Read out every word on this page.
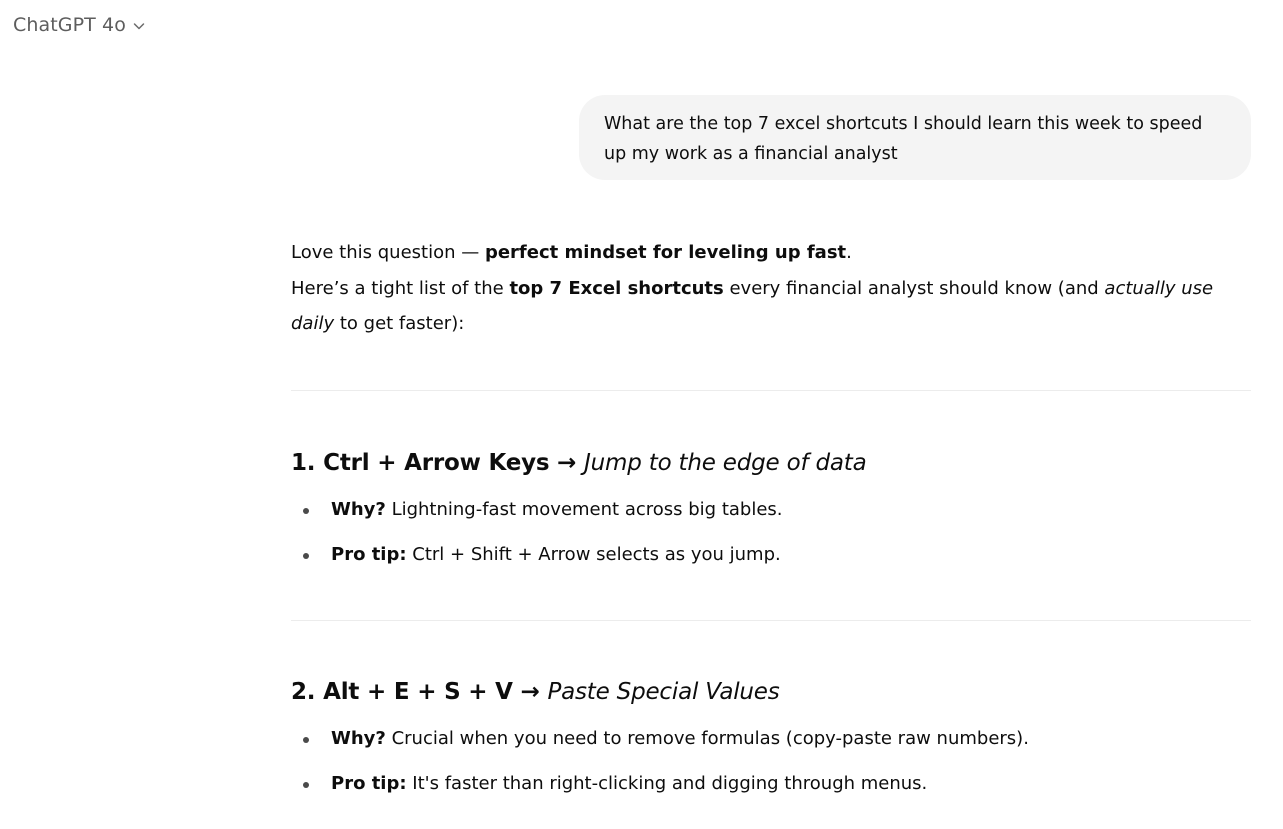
ChatGPT 4o
What are the top 7 excel shortcuts I should learn this week to speed up my work as a financial analyst

Love this question — perfect mindset for leveling up fast.
Here’s a tight list of the top 7 Excel shortcuts every financial analyst should know (and actually use daily to get faster):

1. Ctrl + Arrow Keys → Jump to the edge of data
Why? Lightning-fast movement across big tables.
Pro tip: Ctrl + Shift + Arrow selects as you jump.
2. Alt + E + S + V → Paste Special Values
Why? Crucial when you need to remove formulas (copy-paste raw numbers).
Pro tip: It's faster than right-clicking and digging through menus.
